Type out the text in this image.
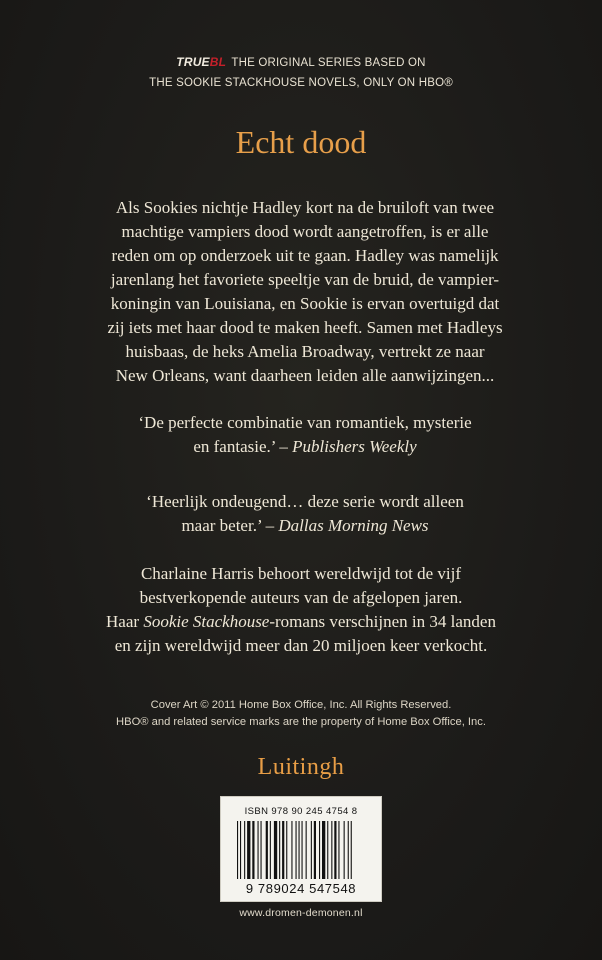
TRUEBL THE ORIGINAL SERIES BASED ON
THE SOOKIE STACKHOUSE NOVELS, ONLY ON HBO®
Echt dood
Als Sookies nichtje Hadley kort na de bruiloft van twee
machtige vampiers dood wordt aangetroffen, is er alle
reden om op onderzoek uit te gaan. Hadley was namelijk
jarenlang het favoriete speeltje van de bruid, de vampier-
koningin van Louisiana, en Sookie is ervan overtuigd dat
zij iets met haar dood te maken heeft. Samen met Hadleys
huisbaas, de heks Amelia Broadway, vertrekt ze naar
New Orleans, want daarheen leiden alle aanwijzingen...
‘De perfecte combinatie van romantiek, mysterie
en fantasie.’ – Publishers Weekly
‘Heerlijk ondeugend… deze serie wordt alleen
maar beter.’ – Dallas Morning News
Charlaine Harris behoort wereldwijd tot de vijf
bestverkopende auteurs van de afgelopen jaren.
Haar Sookie Stackhouse-romans verschijnen in 34 landen
en zijn wereldwijd meer dan 20 miljoen keer verkocht.
Cover Art © 2011 Home Box Office, Inc. All Rights Reserved.
HBO® and related service marks are the property of Home Box Office, Inc.
Luitingh
ISBN 978 90 245 4754 8
9 789024 547548
www.dromen-demonen.nl
